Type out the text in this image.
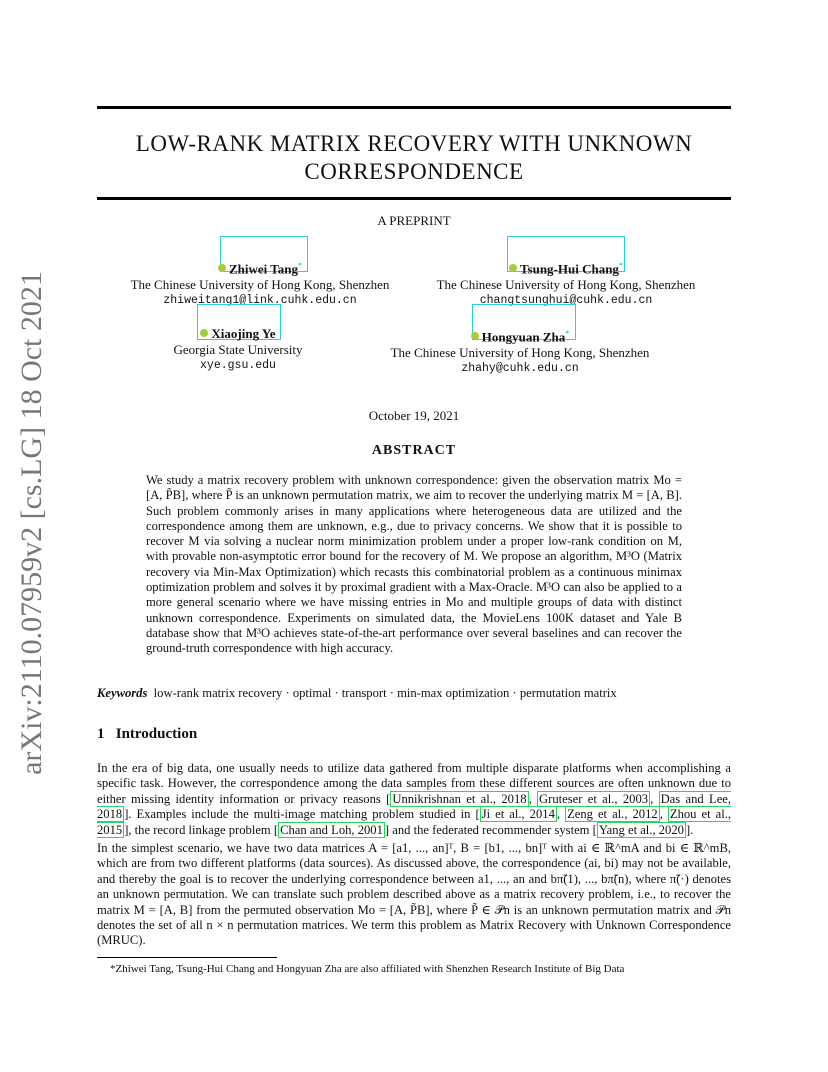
arXiv:2110.07959v2 [cs.LG] 18 Oct 2021
LOW-RANK MATRIX RECOVERY WITH UNKNOWN CORRESPONDENCE
A PREPRINT
Zhiwei Tang*
The Chinese University of Hong Kong, Shenzhen
zhiweitang1@link.cuhk.edu.cn
Tsung-Hui Chang*
The Chinese University of Hong Kong, Shenzhen
changtsunghui@cuhk.edu.cn
Xiaojing Ye
Georgia State University
xye.gsu.edu
Hongyuan Zha*
The Chinese University of Hong Kong, Shenzhen
zhahy@cuhk.edu.cn
October 19, 2021
ABSTRACT
We study a matrix recovery problem with unknown correspondence: given the observation matrix Mo = [A, P̃B], where P̃ is an unknown permutation matrix, we aim to recover the underlying matrix M = [A, B]. Such problem commonly arises in many applications where heterogeneous data are utilized and the correspondence among them are unknown, e.g., due to privacy concerns. We show that it is possible to recover M via solving a nuclear norm minimization problem under a proper low-rank condition on M, with provable non-asymptotic error bound for the recovery of M. We propose an algorithm, M³O (Matrix recovery via Min-Max Optimization) which recasts this combinatorial problem as a continuous minimax optimization problem and solves it by proximal gradient with a Max-Oracle. M³O can also be applied to a more general scenario where we have missing entries in Mo and multiple groups of data with distinct unknown correspondence. Experiments on simulated data, the MovieLens 100K dataset and Yale B database show that M³O achieves state-of-the-art performance over several baselines and can recover the ground-truth correspondence with high accuracy.
Keywords low-rank matrix recovery · optimal · transport · min-max optimization · permutation matrix
1 Introduction
In the era of big data, one usually needs to utilize data gathered from multiple disparate platforms when accomplishing a specific task. However, the correspondence among the data samples from these different sources are often unknown due to either missing identity information or privacy reasons [ Unnikrishnan et al., 2018 , Gruteser et al., 2003 , Das and Lee, 2018 ]. Examples include the multi-image matching problem studied in [ Ji et al., 2014 , Zeng et al., 2012 , Zhou et al., 2015 ], the record linkage problem [ Chan and Loh, 2001 ] and the federated recommender system [ Yang et al., 2020 ].
In the simplest scenario, we have two data matrices A = [a1, ..., an]ᵀ, B = [b1, ..., bn]ᵀ with ai ∈ ℝ^mA and bi ∈ ℝ^mB, which are from two different platforms (data sources). As discussed above, the correspondence (ai, bi) may not be available, and thereby the goal is to recover the underlying correspondence between a1, ..., an and bπ̃(1), ..., bπ̃(n), where π̃(·) denotes an unknown permutation. We can translate such problem described above as a matrix recovery problem, i.e., to recover the matrix M = [A, B] from the permuted observation Mo = [A, P̃B], where P̃ ∈ 𝒫n is an unknown permutation matrix and 𝒫n denotes the set of all n × n permutation matrices. We term this problem as Matrix Recovery with Unknown Correspondence (MRUC).
*Zhiwei Tang, Tsung-Hui Chang and Hongyuan Zha are also affiliated with Shenzhen Research Institute of Big Data
